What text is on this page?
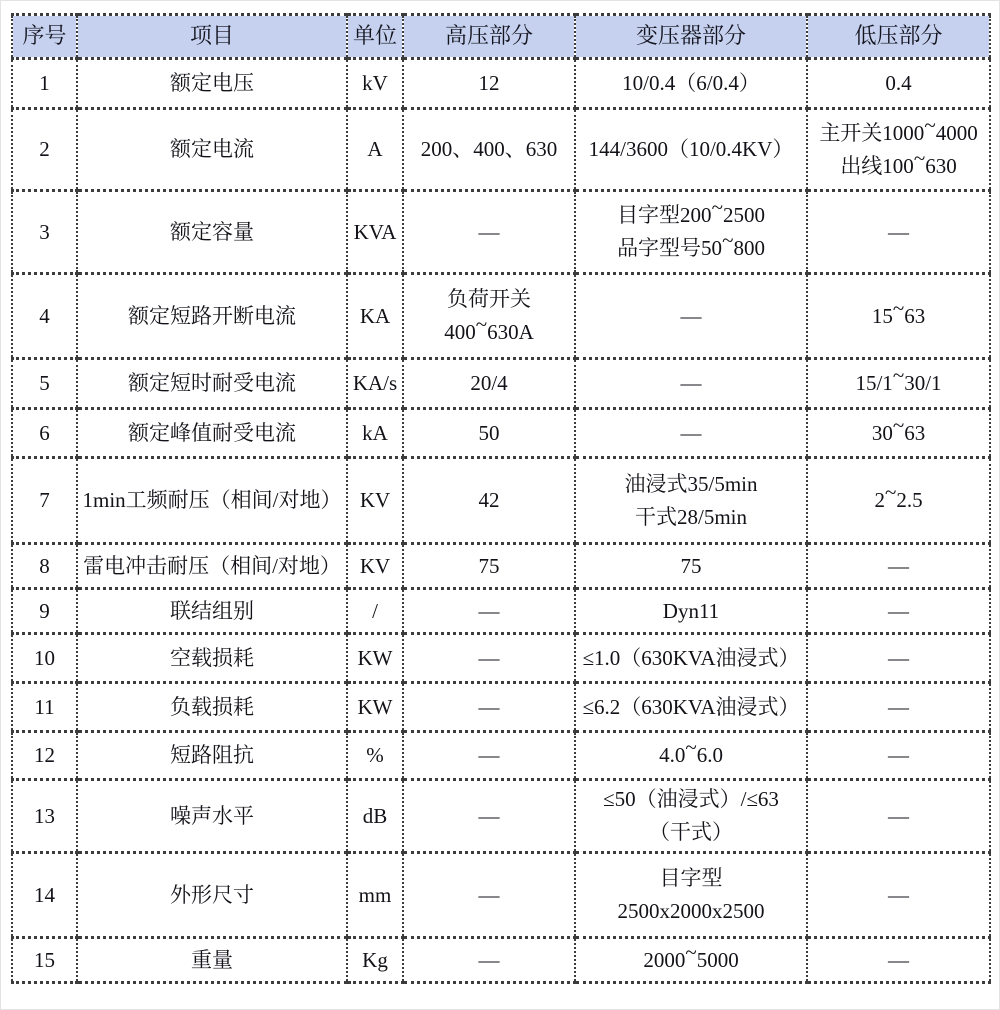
序号	项目	单位	高压部分	变压器部分	低压部分
1	额定电压	kV	12	10/0.4（6/0.4）	0.4
2	额定电流	A	200、400、630	144/3600（10/0.4KV）	主开关1000~4000
出线100~630
3	额定容量	KVA	—	目字型200~2500
品字型号50~800	—
4	额定短路开断电流	KA	负荷开关
400~630A	—	15~63
5	额定短时耐受电流	KA/s	20/4	—	15/1~30/1
6	额定峰值耐受电流	kA	50	—	30~63
7	1min工频耐压（相间/对地）	KV	42	油浸式35/5min
干式28/5min	2~2.5
8	雷电冲击耐压（相间/对地）	KV	75	75	—
9	联结组别	/	—	Dyn11	—
10	空载损耗	KW	—	≤1.0（630KVA油浸式）	—
11	负载损耗	KW	—	≤6.2（630KVA油浸式）	—
12	短路阻抗	%	—	4.0~6.0	—
13	噪声水平	dB	—	≤50（油浸式）/≤63
（干式）	—
14	外形尺寸	mm	—	目字型
2500x2000x2500	—
15	重量	Kg	—	2000~5000	—
